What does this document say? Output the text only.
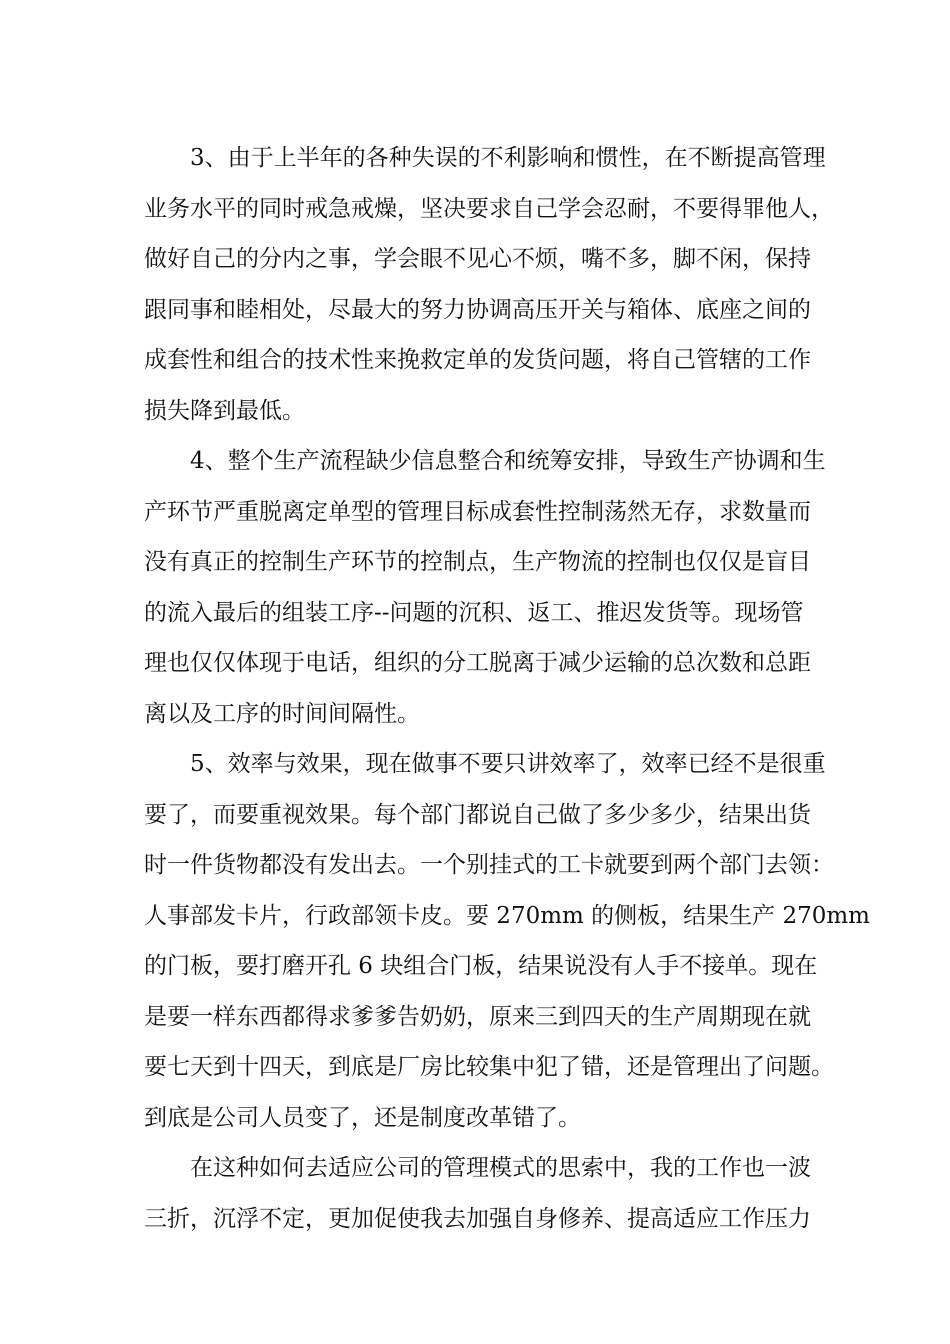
3、由于上半年的各种失误的不利影响和惯性，在不断提高管理
业务水平的同时戒急戒燥，坚决要求自己学会忍耐，不要得罪他人，
做好自己的分内之事，学会眼不见心不烦，嘴不多，脚不闲，保持
跟同事和睦相处，尽最大的努力协调高压开关与箱体、底座之间的
成套性和组合的技术性来挽救定单的发货问题，将自己管辖的工作
损失降到最低。
4、整个生产流程缺少信息整合和统筹安排，导致生产协调和生
产环节严重脱离定单型的管理目标成套性控制荡然无存，求数量而
没有真正的控制生产环节的控制点，生产物流的控制也仅仅是盲目
的流入最后的组装工序--问题的沉积、返工、推迟发货等。现场管
理也仅仅体现于电话，组织的分工脱离于减少运输的总次数和总距
离以及工序的时间间隔性。
5、效率与效果，现在做事不要只讲效率了，效率已经不是很重
要了，而要重视效果。每个部门都说自己做了多少多少，结果出货
时一件货物都没有发出去。一个别挂式的工卡就要到两个部门去领：
人事部发卡片，行政部领卡皮。要 270mm 的侧板，结果生产 270mm
的门板，要打磨开孔 6 块组合门板，结果说没有人手不接单。现在
是要一样东西都得求爹爹告奶奶，原来三到四天的生产周期现在就
要七天到十四天，到底是厂房比较集中犯了错，还是管理出了问题。
到底是公司人员变了，还是制度改革错了。
在这种如何去适应公司的管理模式的思索中，我的工作也一波
三折，沉浮不定，更加促使我去加强自身修养、提高适应工作压力
